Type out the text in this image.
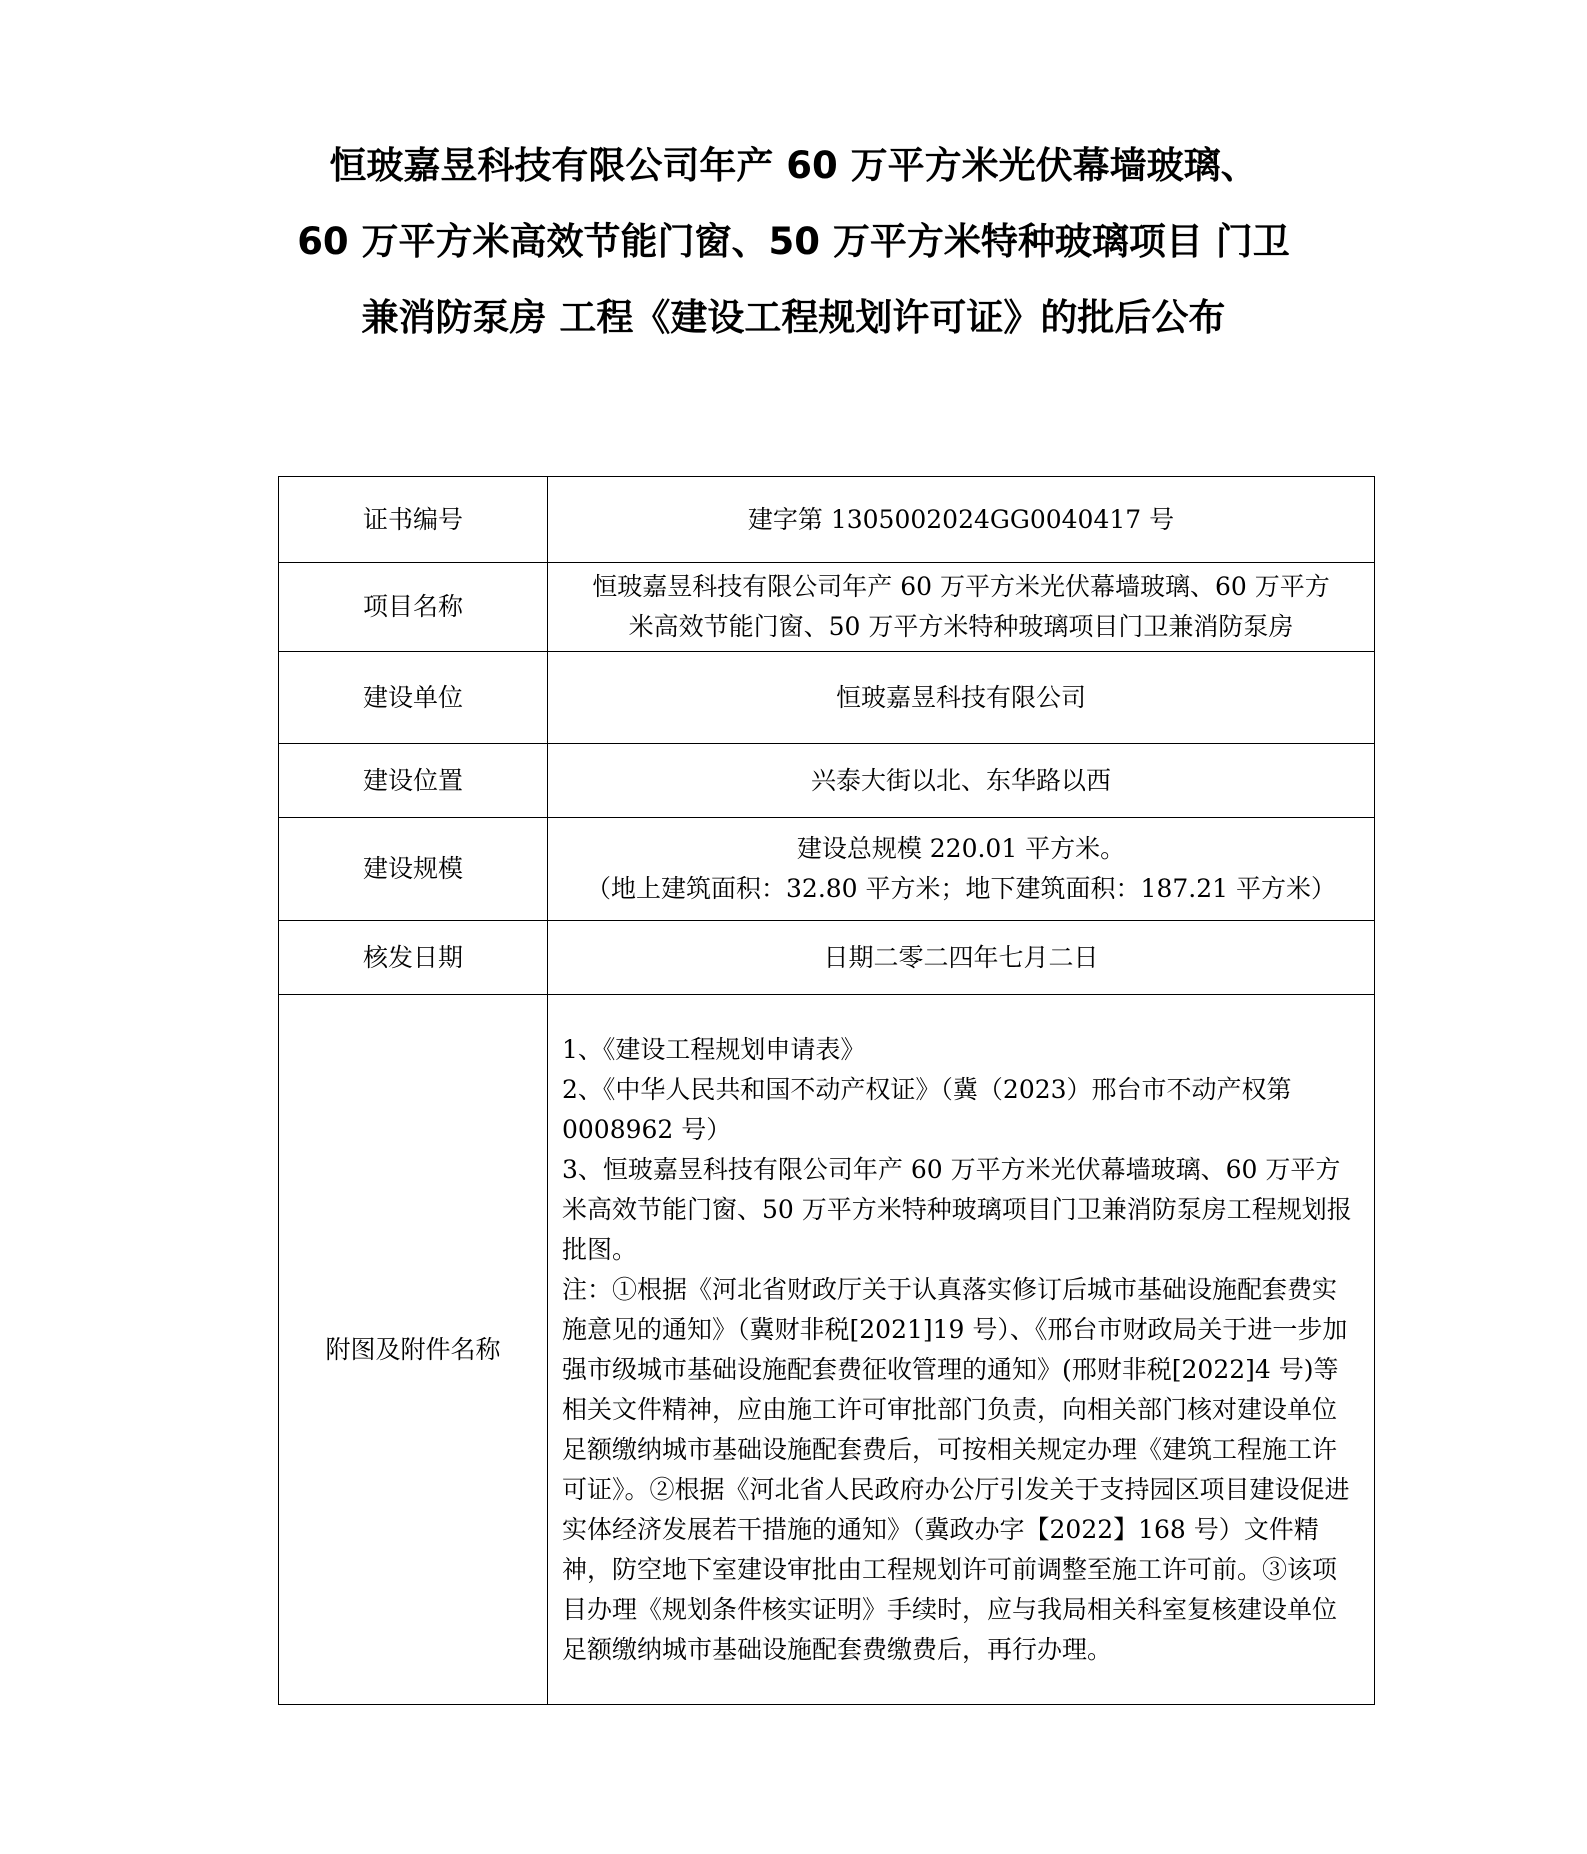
恒玻嘉昱科技有限公司年产 60 万平方米光伏幕墙玻璃、
60 万平方米高效节能门窗、50 万平方米特种玻璃项目 门卫
兼消防泵房 工程《建设工程规划许可证》的批后公布
证书编号	建字第 1305002024GG0040417 号
项目名称	恒玻嘉昱科技有限公司年产 60 万平方米光伏幕墙玻璃、60 万平方
米高效节能门窗、50 万平方米特种玻璃项目门卫兼消防泵房

建设单位	恒玻嘉昱科技有限公司
建设位置	兴泰大街以北、东华路以西
建设规模	建设总规模 220.01 平方米。
（地上建筑面积：32.80 平方米；地下建筑面积：187.21 平方米）

核发日期	日期二零二四年七月二日
附图及附件名称	1、《建设工程规划申请表》

2、《中华人民共和国不动产权证》（冀（2023）邢台市不动产权第 0008962 号）

3、恒玻嘉昱科技有限公司年产 60 万平方米光伏幕墙玻璃、60 万平方米高效节能门窗、50 万平方米特种玻璃项目门卫兼消防泵房工程规划报批图。

注：①根据《河北省财政厅关于认真落实修订后城市基础设施配套费实施意见的通知》（冀财非税[2021]19 号）、《邢台市财政局关于进一步加强市级城市基础设施配套费征收管理的通知》(邢财非税[2022]4 号)等相关文件精神，应由施工许可审批部门负责，向相关部门核对建设单位足额缴纳城市基础设施配套费后，可按相关规定办理《建筑工程施工许可证》。②根据《河北省人民政府办公厅引发关于支持园区项目建设促进实体经济发展若干措施的通知》（冀政办字【2022】168 号）文件精神，防空地下室建设审批由工程规划许可前调整至施工许可前。③该项目办理《规划条件核实证明》手续时，应与我局相关科室复核建设单位足额缴纳城市基础设施配套费缴费后，再行办理。
